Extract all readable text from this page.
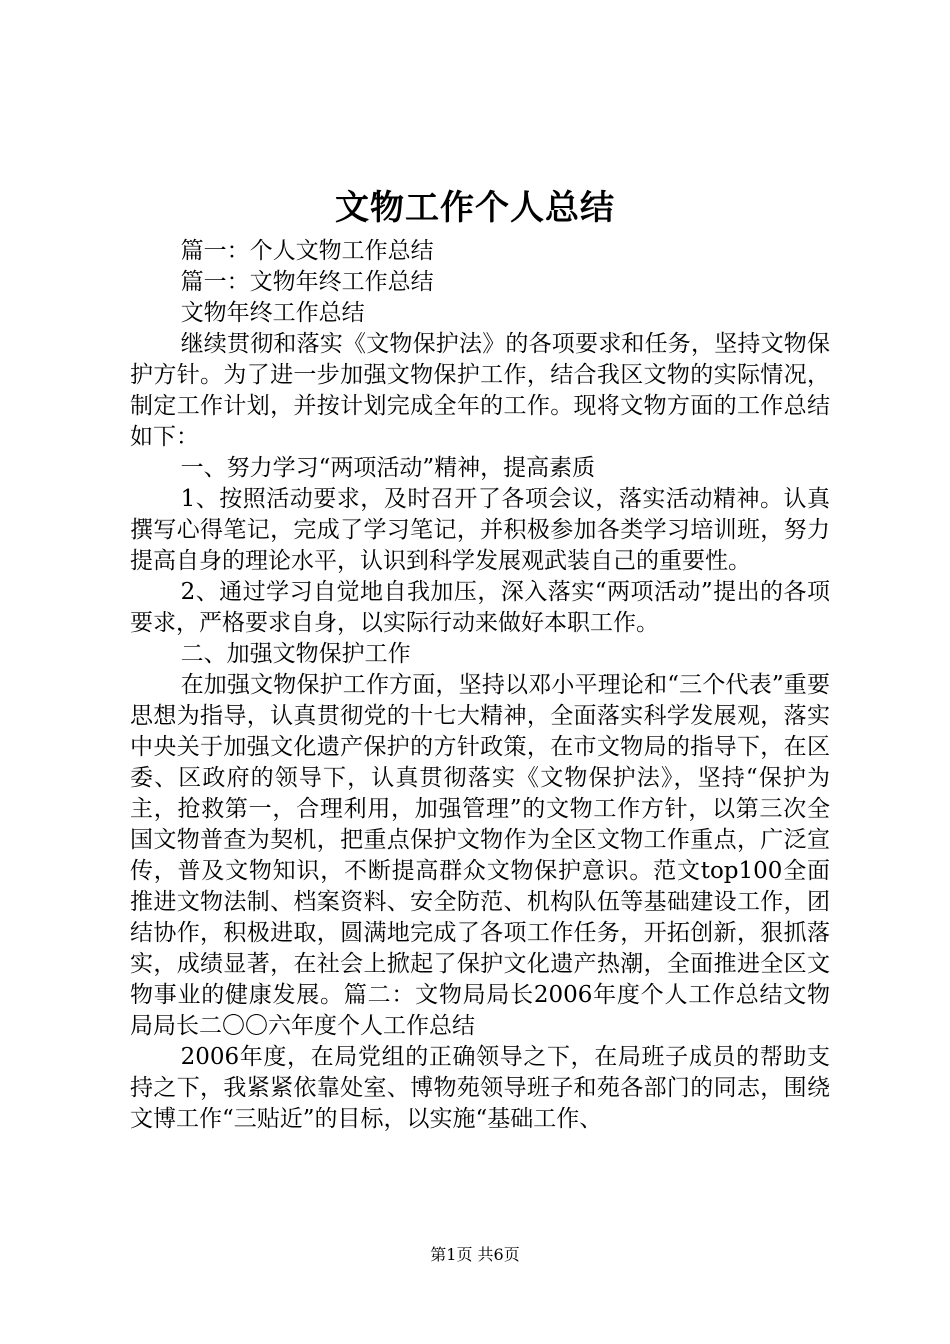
文物工作个人总结

篇一：个人文物工作总结

篇一：文物年终工作总结

文物年终工作总结

继续贯彻和落实《文物保护法》的各项要求和任务，坚持文物保护方针。为了进一步加强文物保护工作，结合我区文物的实际情况，制定工作计划，并按计划完成全年的工作。现将文物方面的工作总结如下：

一、努力学习“两项活动”精神，提高素质

1、按照活动要求，及时召开了各项会议，落实活动精神。认真撰写心得笔记，完成了学习笔记，并积极参加各类学习培训班，努力提高自身的理论水平，认识到科学发展观武装自己的重要性。

2、通过学习自觉地自我加压，深入落实“两项活动”提出的各项要求，严格要求自身，以实际行动来做好本职工作。

二、加强文物保护工作

在加强文物保护工作方面，坚持以邓小平理论和“三个代表”重要思想为指导，认真贯彻党的十七大精神，全面落实科学发展观，落实中央关于加强文化遗产保护的方针政策，在市文物局的指导下，在区委、区政府的领导下，认真贯彻落实《文物保护法》，坚持“保护为主，抢救第一，合理利用，加强管理”的文物工作方针，以第三次全国文物普查为契机，把重点保护文物作为全区文物工作重点，广泛宣传，普及文物知识，不断提高群众文物保护意识。范文top100全面推进文物法制、档案资料、安全防范、机构队伍等基础建设工作，团结协作，积极进取，圆满地完成了各项工作任务，开拓创新，狠抓落实，成绩显著，在社会上掀起了保护文化遗产热潮，全面推进全区文物事业的健康发展。篇二：文物局局长2006年度个人工作总结文物局局长二〇〇六年度个人工作总结

2006年度，在局党组的正确领导之下，在局班子成员的帮助支持之下，我紧紧依靠处室、博物苑领导班子和苑各部门的同志，围绕文博工作“三贴近”的目标，以实施“基础工作、

第1页 共6页
